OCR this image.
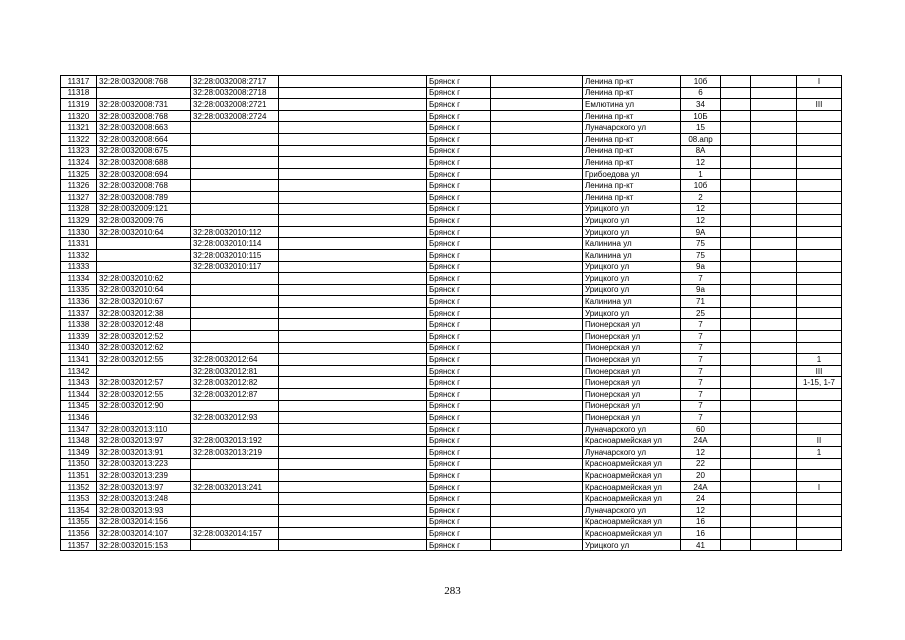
11317	32:28:0032008:768	32:28:0032008:2717		Брянск г		Ленина пр-кт	10б			I
11318		32:28:0032008:2718		Брянск г		Ленина пр-кт	6			
11319	32:28:0032008:731	32:28:0032008:2721		Брянск г		Емлютина ул	34			III
11320	32:28:0032008:768	32:28:0032008:2724		Брянск г		Ленина пр-кт	10Б			
11321	32:28:0032008:663			Брянск г		Луначарского ул	15			
11322	32:28:0032008:664			Брянск г		Ленина пр-кт	08.апр			
11323	32:28:0032008:675			Брянск г		Ленина пр-кт	8А			
11324	32:28:0032008:688			Брянск г		Ленина пр-кт	12			
11325	32:28:0032008:694			Брянск г		Грибоедова ул	1			
11326	32:28:0032008:768			Брянск г		Ленина пр-кт	10б			
11327	32:28:0032008:789			Брянск г		Ленина пр-кт	2			
11328	32:28:0032009:121			Брянск г		Урицкого ул	12			
11329	32:28:0032009:76			Брянск г		Урицкого ул	12			
11330	32:28:0032010:64	32:28:0032010:112		Брянск г		Урицкого ул	9А			
11331		32:28:0032010:114		Брянск г		Калинина ул	75			
11332		32:28:0032010:115		Брянск г		Калинина ул	75			
11333		32:28:0032010:117		Брянск г		Урицкого ул	9а			
11334	32:28:0032010:62			Брянск г		Урицкого ул	7			
11335	32:28:0032010:64			Брянск г		Урицкого ул	9а			
11336	32:28:0032010:67			Брянск г		Калинина ул	71			
11337	32:28:0032012:38			Брянск г		Урицкого ул	25			
11338	32:28:0032012:48			Брянск г		Пионерская ул	7			
11339	32:28:0032012:52			Брянск г		Пионерская ул	7			
11340	32:28:0032012:62			Брянск г		Пионерская ул	7			
11341	32:28:0032012:55	32:28:0032012:64		Брянск г		Пионерская ул	7			1
11342		32:28:0032012:81		Брянск г		Пионерская ул	7			III
11343	32:28:0032012:57	32:28:0032012:82		Брянск г		Пионерская ул	7			1-15, 1-7
11344	32:28:0032012:55	32:28:0032012:87		Брянск г		Пионерская ул	7			
11345	32:28:0032012:90			Брянск г		Пионерская ул	7			
11346		32:28:0032012:93		Брянск г		Пионерская ул	7			
11347	32:28:0032013:110			Брянск г		Луначарского ул	60			
11348	32:28:0032013:97	32:28:0032013:192		Брянск г		Красноармейская ул	24А			II
11349	32:28:0032013:91	32:28:0032013:219		Брянск г		Луначарского ул	12			1
11350	32:28:0032013:223			Брянск г		Красноармейская ул	22			
11351	32:28:0032013:239			Брянск г		Красноармейская ул	20			
11352	32:28:0032013:97	32:28:0032013:241		Брянск г		Красноармейская ул	24А			I
11353	32:28:0032013:248			Брянск г		Красноармейская ул	24			
11354	32:28:0032013:93			Брянск г		Луначарского ул	12			
11355	32:28:0032014:156			Брянск г		Красноармейская ул	16			
11356	32:28:0032014:107	32:28:0032014:157		Брянск г		Красноармейская ул	16			
11357	32:28:0032015:153			Брянск г		Урицкого ул	41			
283
